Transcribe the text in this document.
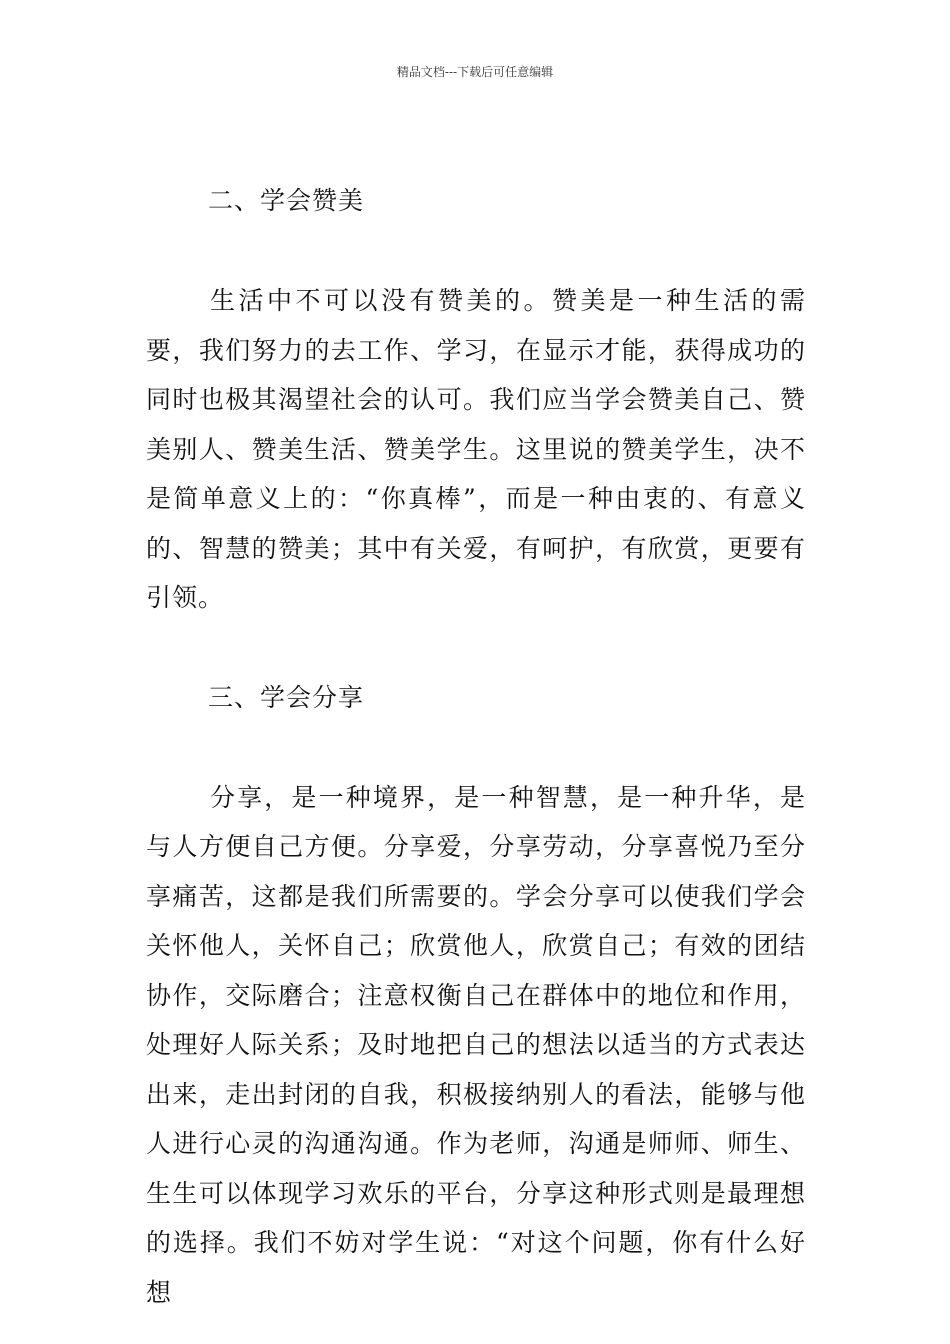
精品文档---下载后可任意编辑
二、学会赞美

生活中不可以没有赞美的。赞美是一种生活的需要，我们努力的去工作、学习，在显示才能，获得成功的同时也极其渴望社会的认可。我们应当学会赞美自己、赞美别人、赞美生活、赞美学生。这里说的赞美学生，决不是简单意义上的：“你真棒”，而是一种由衷的、有意义的、智慧的赞美；其中有关爱，有呵护，有欣赏，更要有引领。

三、学会分享

分享，是一种境界，是一种智慧，是一种升华，是与人方便自己方便。分享爱，分享劳动，分享喜悦乃至分享痛苦，这都是我们所需要的。学会分享可以使我们学会关怀他人，关怀自己；欣赏他人，欣赏自己；有效的团结协作，交际磨合；注意权衡自己在群体中的地位和作用，处理好人际关系；及时地把自己的想法以适当的方式表达出来，走出封闭的自我，积极接纳别人的看法，能够与他人进行心灵的沟通沟通。作为老师，沟通是师师、师生、生生可以体现学习欢乐的平台，分享这种形式则是最理想的选择。我们不妨对学生说：“对这个问题，你有什么好想
